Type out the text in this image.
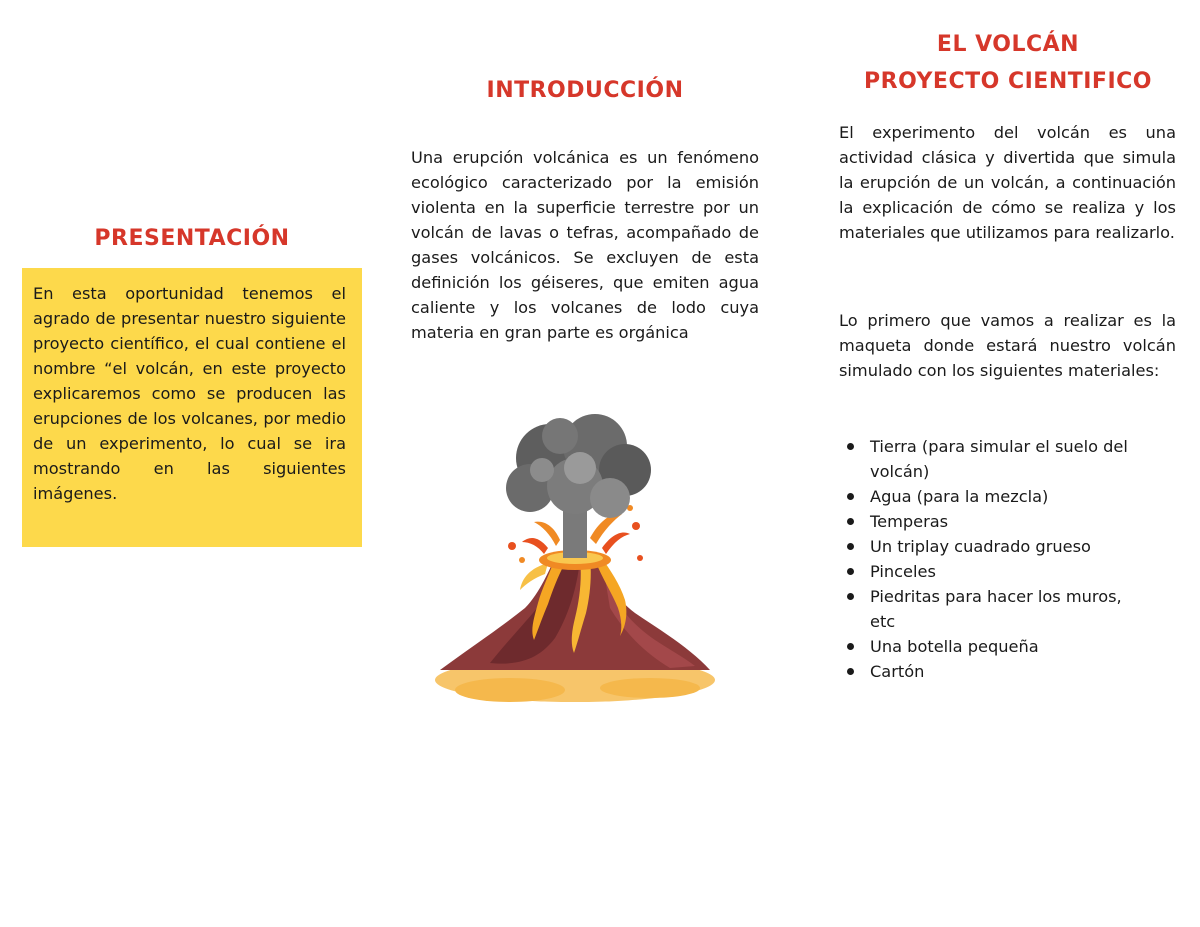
PRESENTACIÓN

En esta oportunidad tenemos el agrado de presentar nuestro siguiente proyecto científico, el cual contiene el nombre “el volcán, en este proyecto explicaremos como se producen las erupciones de los volcanes, por medio de un experimento, lo cual se ira mostrando en las siguientes imágenes.

INTRODUCCIÓN

Una erupción volcánica es un fenómeno ecológico caracterizado por la emisión violenta en la superficie terrestre por un volcán de lavas o tefras, acompañado de gases volcánicos. Se excluyen de esta definición los géiseres, que emiten agua caliente y los volcanes de lodo cuya materia en gran parte es orgánica

EL VOLCÁN
PROYECTO CIENTIFICO

El experimento del volcán es una actividad clásica y divertida que simula la erupción de un volcán, a continuación la explicación de cómo se realiza y los materiales que utilizamos para realizarlo.

Lo primero que vamos a realizar es la maqueta donde estará nuestro volcán simulado con los siguientes materiales:

Tierra (para simular el suelo del volcán)
Agua (para la mezcla)
Temperas
Un triplay cuadrado grueso
Pinceles
Piedritas para hacer los muros, etc
Una botella pequeña
Cartón
